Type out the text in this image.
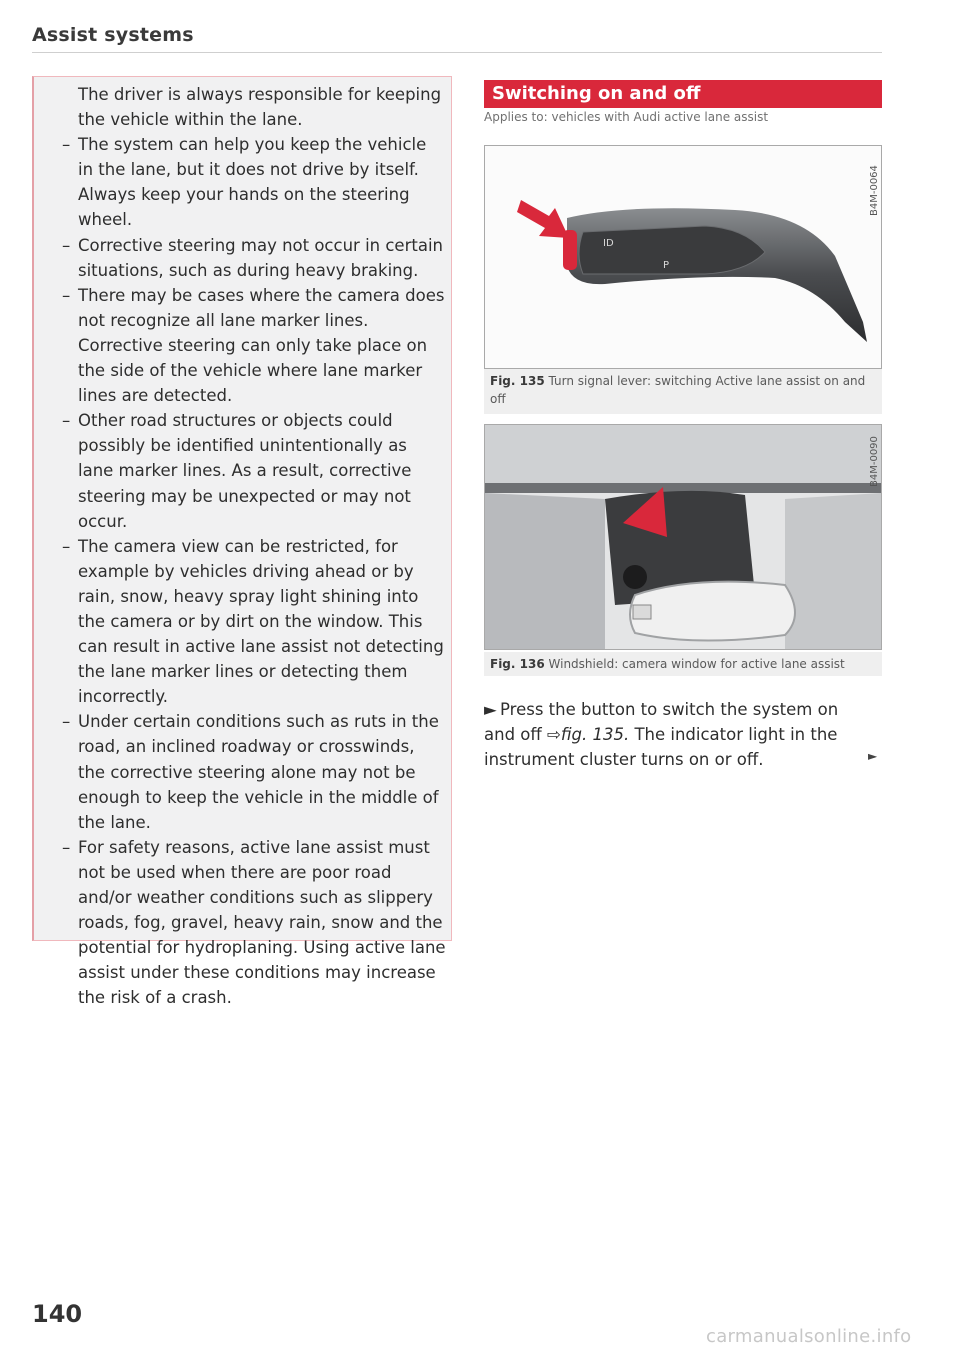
Assist systems

The driver is always responsible for keeping the vehicle within the lane.

– The system can help you keep the vehicle in the lane, but it does not drive by itself. Always keep your hands on the steering wheel.
– Corrective steering may not occur in certain situations, such as during heavy braking.
– There may be cases where the camera does not recognize all lane marker lines. Corrective steering can only take place on the side of the vehicle where lane marker lines are detected.
– Other road structures or objects could possibly be identified unintentionally as lane marker lines. As a result, corrective steering may be unexpected or may not occur.
– The camera view can be restricted, for example by vehicles driving ahead or by rain, snow, heavy spray light shining into the camera or by dirt on the window. This can result in active lane assist not detecting the lane marker lines or detecting them incorrectly.
– Under certain conditions such as ruts in the road, an inclined roadway or crosswinds, the corrective steering alone may not be enough to keep the vehicle in the middle of the lane.
– For safety reasons, active lane assist must not be used when there are poor road and/or weather conditions such as slippery roads, fog, gravel, heavy rain, snow and the potential for hydroplaning. Using active lane assist under these conditions may increase the risk of a crash.
Switching on and off
Applies to: vehicles with Audi active lane assist
ID
P
B4M-0064
Fig. 135 Turn signal lever: switching Active lane assist on and off
B4M-0090
Fig. 136 Windshield: camera window for active lane assist
► Press the button to switch the system on and off ⇨fig. 135. The indicator light in the instrument cluster turns on or off.	►
140
carmanualsonline.info
